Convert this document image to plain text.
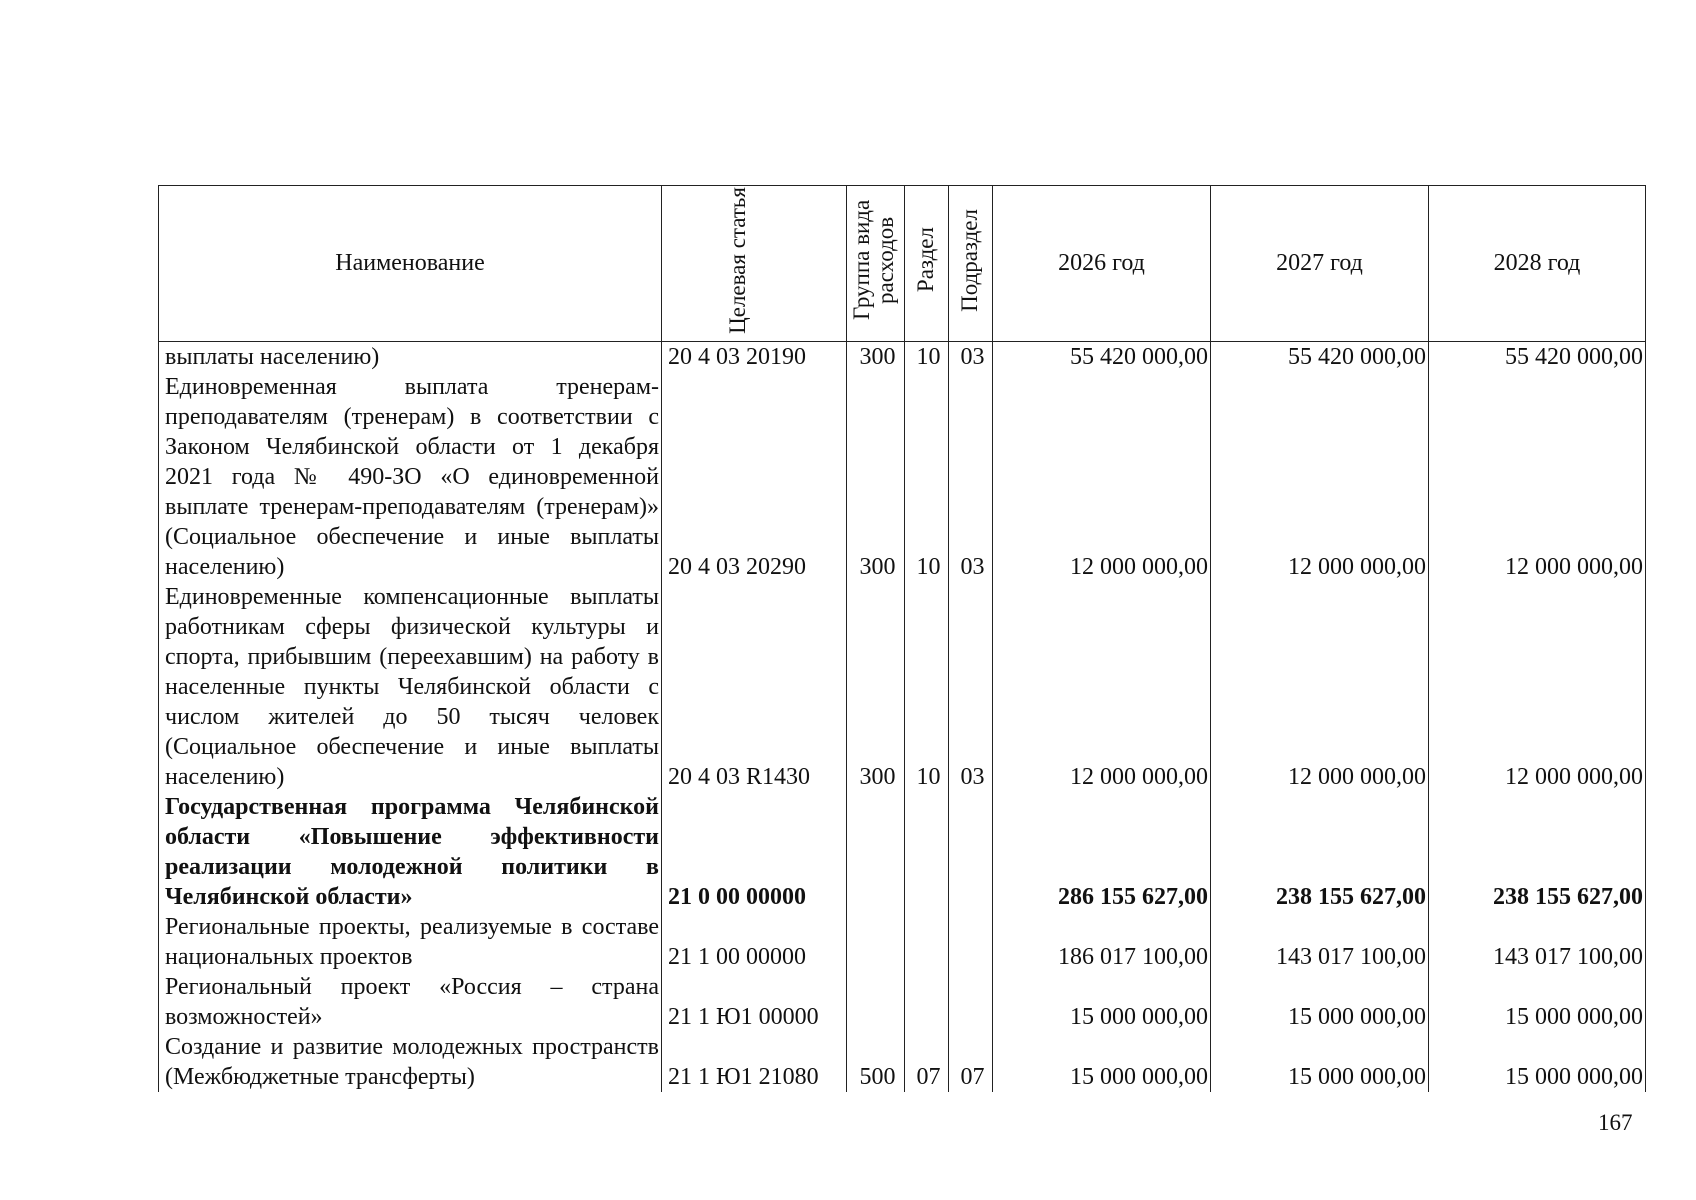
Наименование	Целевая статья	Группа вида расходов	Раздел	Подраздел	2026 год	2027 год	2028 год
выплаты населению)	20 4 03 20190	300	10	03	55 420 000,00	55 420 000,00	55 420 000,00
Единовременная выплата тренерам-преподавателям (тренерам) в соответствии с Законом Челябинской области от 1 декабря 2021 года № 490-ЗО «О единовременной выплате тренерам-преподавателям (тренерам)» (Социальное обеспечение и иные выплаты населению)	20 4 03 20290	300	10	03	12 000 000,00	12 000 000,00	12 000 000,00
Единовременные компенсационные выплаты работникам сферы физической культуры и спорта, прибывшим (переехавшим) на работу в населенные пункты Челябинской области с числом жителей до 50 тысяч человек (Социальное обеспечение и иные выплаты населению)	20 4 03 R1430	300	10	03	12 000 000,00	12 000 000,00	12 000 000,00
Государственная программа Челябинской области «Повышение эффективности реализации молодежной политики в Челябинской области»	21 0 00 00000				286 155 627,00	238 155 627,00	238 155 627,00
Региональные проекты, реализуемые в составе национальных проектов	21 1 00 00000				186 017 100,00	143 017 100,00	143 017 100,00
Региональный проект «Россия – страна возможностей»	21 1 Ю1 00000				15 000 000,00	15 000 000,00	15 000 000,00
Создание и развитие молодежных пространств (Межбюджетные трансферты)	21 1 Ю1 21080	500	07	07	15 000 000,00	15 000 000,00	15 000 000,00
167
